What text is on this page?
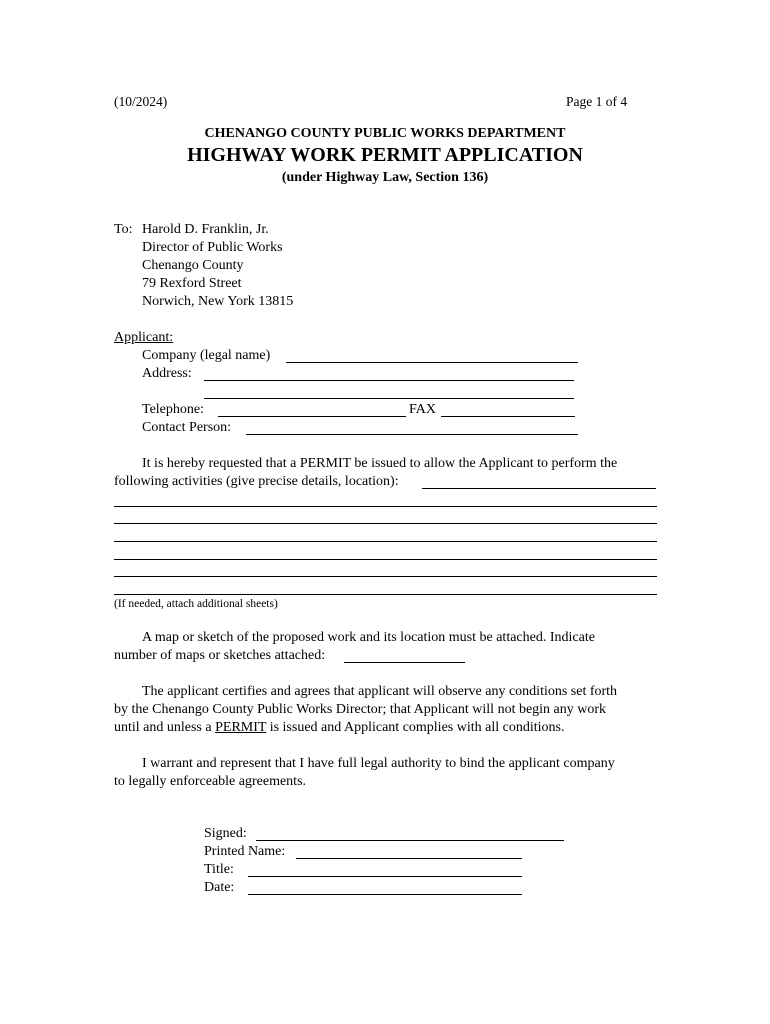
(10/2024)	Page 1 of 4
CHENANGO COUNTY PUBLIC WORKS DEPARTMENT
HIGHWAY WORK PERMIT APPLICATION
(under Highway Law, Section 136)
To: Harold D. Franklin, Jr.
Director of Public Works
Chenango County
79 Rexford Street
Norwich, New York 13815
Applicant:
Company (legal name)
Address:
Telephone:	FAX
Contact Person:
It is hereby requested that a PERMIT be issued to allow the Applicant to perform the
following activities (give precise details, location):
(If needed, attach additional sheets)
A map or sketch of the proposed work and its location must be attached. Indicate
number of maps or sketches attached:
The applicant certifies and agrees that applicant will observe any conditions set forth
by the Chenango County Public Works Director; that Applicant will not begin any work
until and unless a PERMIT is issued and Applicant complies with all conditions.
I warrant and represent that I have full legal authority to bind the applicant company
to legally enforceable agreements.
Signed:
Printed Name:
Title:
Date:
